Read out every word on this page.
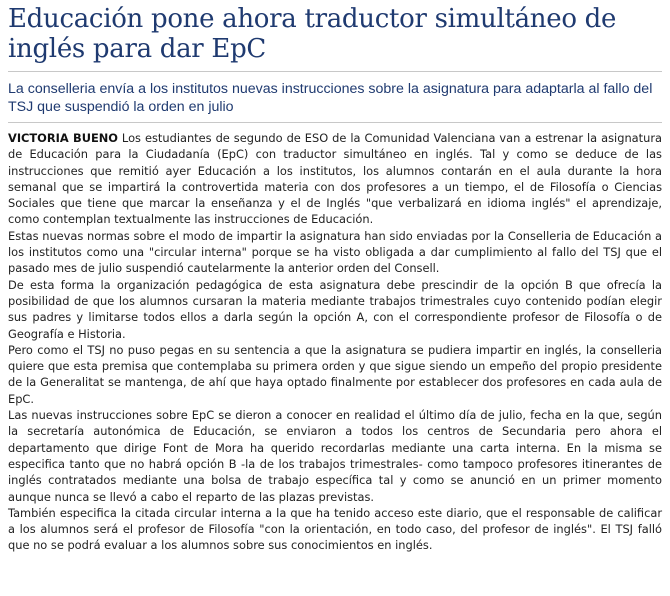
Educación pone ahora traductor simultáneo de inglés para dar EpC
La conselleria envía a los institutos nuevas instrucciones sobre la asignatura para adaptarla al fallo del TSJ que suspendió la orden en julio

VICTORIA BUENO Los estudiantes de segundo de ESO de la Comunidad Valenciana van a estrenar la asignatura de Educación para la Ciudadanía (EpC) con traductor simultáneo en inglés. Tal y como se deduce de las instrucciones que remitió ayer Educación a los institutos, los alumnos contarán en el aula durante la hora semanal que se impartirá la controvertida materia con dos profesores a un tiempo, el de Filosofía o Ciencias Sociales que tiene que marcar la enseñanza y el de Inglés "que verbalizará en idioma inglés" el aprendizaje, como contemplan textualmente las instrucciones de Educación.

Estas nuevas normas sobre el modo de impartir la asignatura han sido enviadas por la Conselleria de Educación a los institutos como una "circular interna" porque se ha visto obligada a dar cumplimiento al fallo del TSJ que el pasado mes de julio suspendió cautelarmente la anterior orden del Consell.

De esta forma la organización pedagógica de esta asignatura debe prescindir de la opción B que ofrecía la posibilidad de que los alumnos cursaran la materia mediante trabajos trimestrales cuyo contenido podían elegir sus padres y limitarse todos ellos a darla según la opción A, con el correspondiente profesor de Filosofía o de Geografía e Historia.

Pero como el TSJ no puso pegas en su sentencia a que la asignatura se pudiera impartir en inglés, la conselleria quiere que esta premisa que contemplaba su primera orden y que sigue siendo un empeño del propio presidente de la Generalitat se mantenga, de ahí que haya optado finalmente por establecer dos profesores en cada aula de EpC.

Las nuevas instrucciones sobre EpC se dieron a conocer en realidad el último día de julio, fecha en la que, según la secretaría autonómica de Educación, se enviaron a todos los centros de Secundaria pero ahora el departamento que dirige Font de Mora ha querido recordarlas mediante una carta interna. En la misma se especifica tanto que no habrá opción B -la de los trabajos trimestrales- como tampoco profesores itinerantes de inglés contratados mediante una bolsa de trabajo específica tal y como se anunció en un primer momento aunque nunca se llevó a cabo el reparto de las plazas previstas.

También especifica la citada circular interna a la que ha tenido acceso este diario, que el responsable de calificar a los alumnos será el profesor de Filosofía "con la orientación, en todo caso, del profesor de inglés". El TSJ falló que no se podrá evaluar a los alumnos sobre sus conocimientos en inglés.
